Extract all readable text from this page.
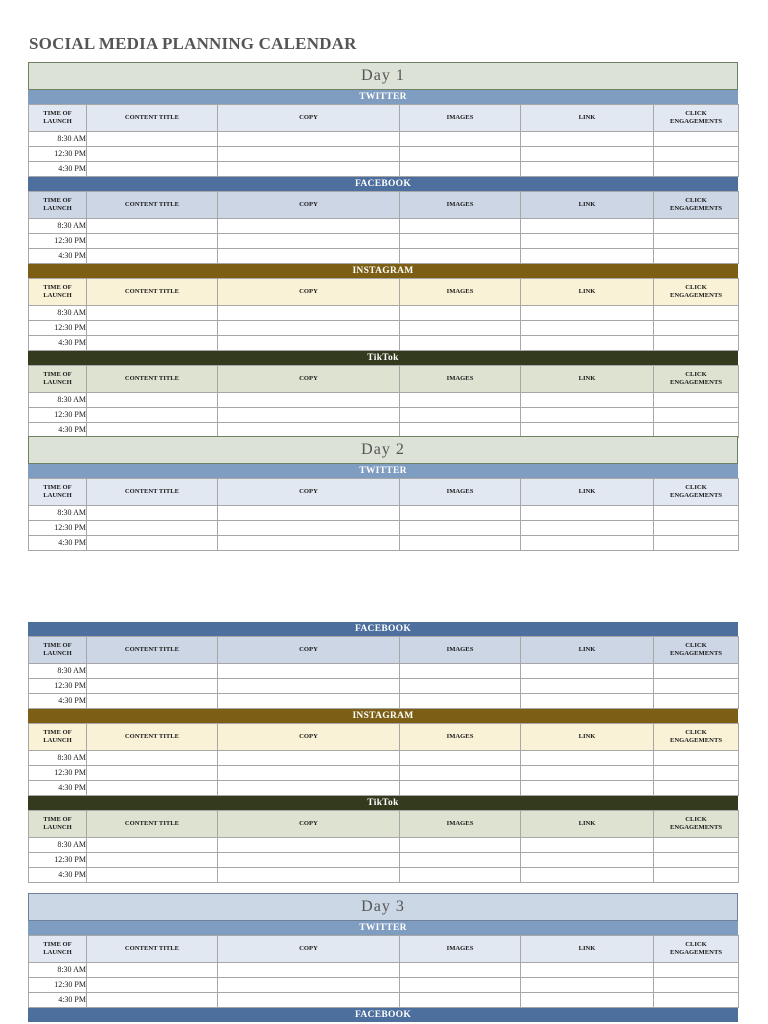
SOCIAL MEDIA PLANNING CALENDAR
Day 1
TWITTER
TIME OF
LAUNCH	CONTENT TITLE	COPY	IMAGES	LINK	CLICK
ENGAGEMENTS
8:30 AM					
12:30 PM					
4:30 PM					
FACEBOOK
TIME OF
LAUNCH	CONTENT TITLE	COPY	IMAGES	LINK	CLICK
ENGAGEMENTS
8:30 AM					
12:30 PM					
4:30 PM					
INSTAGRAM
TIME OF
LAUNCH	CONTENT TITLE	COPY	IMAGES	LINK	CLICK
ENGAGEMENTS
8:30 AM					
12:30 PM					
4:30 PM					
TikTok
TIME OF
LAUNCH	CONTENT TITLE	COPY	IMAGES	LINK	CLICK
ENGAGEMENTS
8:30 AM					
12:30 PM					
4:30 PM					
Day 2
TWITTER
TIME OF
LAUNCH	CONTENT TITLE	COPY	IMAGES	LINK	CLICK
ENGAGEMENTS
8:30 AM					
12:30 PM					
4:30 PM					
FACEBOOK
TIME OF
LAUNCH	CONTENT TITLE	COPY	IMAGES	LINK	CLICK
ENGAGEMENTS
8:30 AM					
12:30 PM					
4:30 PM					
INSTAGRAM
TIME OF
LAUNCH	CONTENT TITLE	COPY	IMAGES	LINK	CLICK
ENGAGEMENTS
8:30 AM					
12:30 PM					
4:30 PM					
TikTok
TIME OF
LAUNCH	CONTENT TITLE	COPY	IMAGES	LINK	CLICK
ENGAGEMENTS
8:30 AM					
12:30 PM					
4:30 PM					
Day 3
TWITTER
TIME OF
LAUNCH	CONTENT TITLE	COPY	IMAGES	LINK	CLICK
ENGAGEMENTS
8:30 AM					
12:30 PM					
4:30 PM					
FACEBOOK
